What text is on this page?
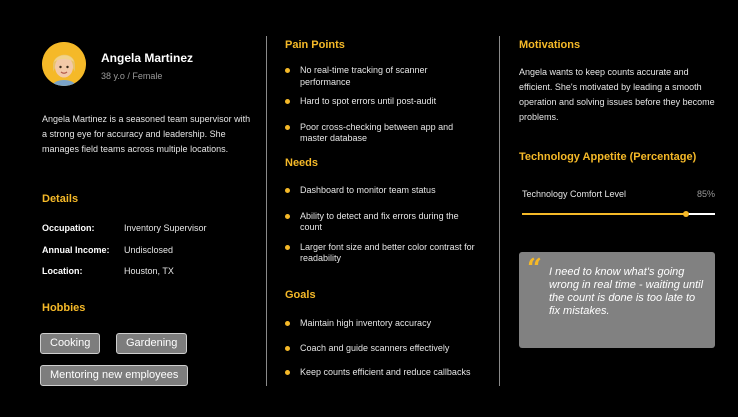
Angela Martinez
38 y.o / Female
Angela Martinez is a seasoned team supervisor with a strong eye for accuracy and leadership. She manages field teams across multiple locations.
Details
Occupation:	Inventory Supervisor
Annual Income: Undisclosed
Location:	Houston, TX
Hobbies
Cooking	Gardening
Mentoring new employees
Pain Points
No real-time tracking of scanner performance
Hard to spot errors until post-audit
Poor cross-checking between app and master database
Needs
Dashboard to monitor team status
Ability to detect and fix errors during the count
Larger font size and better color contrast for readability
Goals
Maintain high inventory accuracy
Coach and guide scanners effectively
Keep counts efficient and reduce callbacks
Motivations
Angela wants to keep counts accurate and efficient. She's motivated by leading a smooth operation and solving issues before they become problems.
Technology Appetite (Percentage)
Technology Comfort Level	85%
“ I need to know what's going wrong in real time - waiting until the count is done is too late to fix mistakes.
